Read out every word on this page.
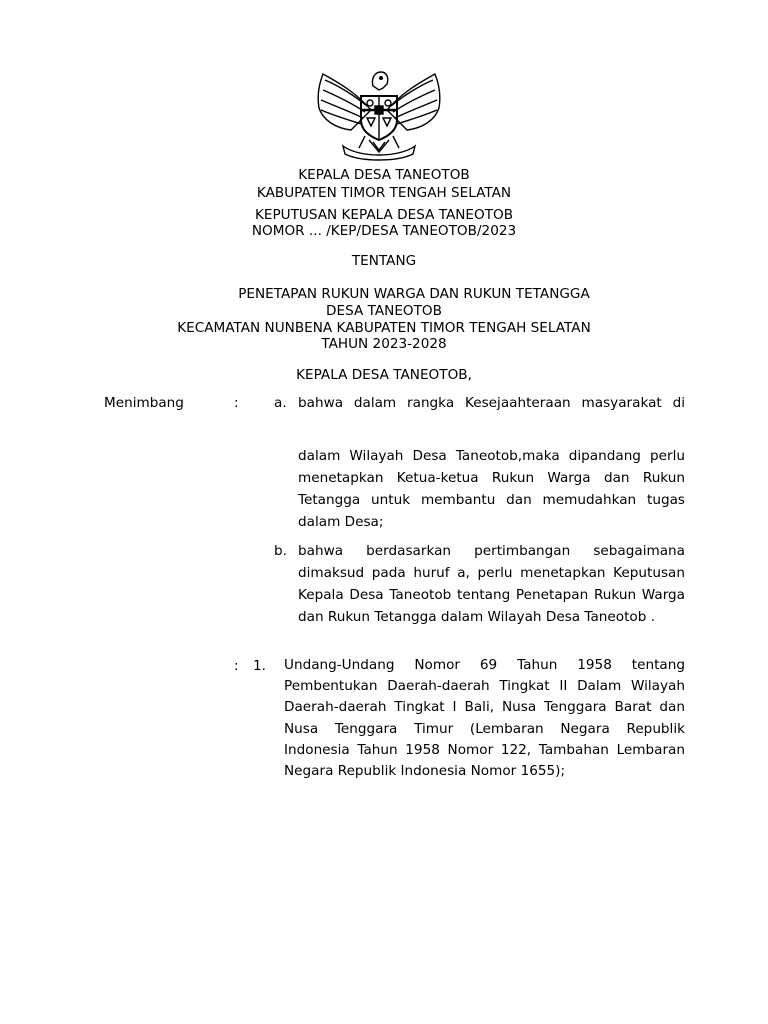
KEPALA DESA TANEOTOB
KABUPATEN TIMOR TENGAH SELATAN
KEPUTUSAN KEPALA DESA TANEOTOB
NOMOR ... /KEP/DESA TANEOTOB/2023
TENTANG
PENETAPAN RUKUN WARGA DAN RUKUN TETANGGA
DESA TANEOTOB
KECAMATAN NUNBENA KABUPATEN TIMOR TENGAH SELATAN
TAHUN 2023-2028
KEPALA DESA TANEOTOB,
Menimbang	:	a. bahwa dalam rangka Kesejaahteraan masyarakat di
dalam Wilayah Desa Taneotob,maka dipandang perlu menetapkan Ketua-ketua Rukun Warga dan Rukun Tetangga untuk membantu dan memudahkan tugas dalam Desa;
b. bahwa berdasarkan pertimbangan sebagaimana dimaksud pada huruf a, perlu menetapkan Keputusan Kepala Desa Taneotob tentang Penetapan Rukun Warga dan Rukun Tetangga dalam Wilayah Desa Taneotob .
: 1. Undang-Undang Nomor 69 Tahun 1958 tentang Pembentukan Daerah-daerah Tingkat II Dalam Wilayah Daerah-daerah Tingkat I Bali, Nusa Tenggara Barat dan Nusa Tenggara Timur (Lembaran Negara Republik Indonesia Tahun 1958 Nomor 122, Tambahan Lembaran Negara Republik Indonesia Nomor 1655);
